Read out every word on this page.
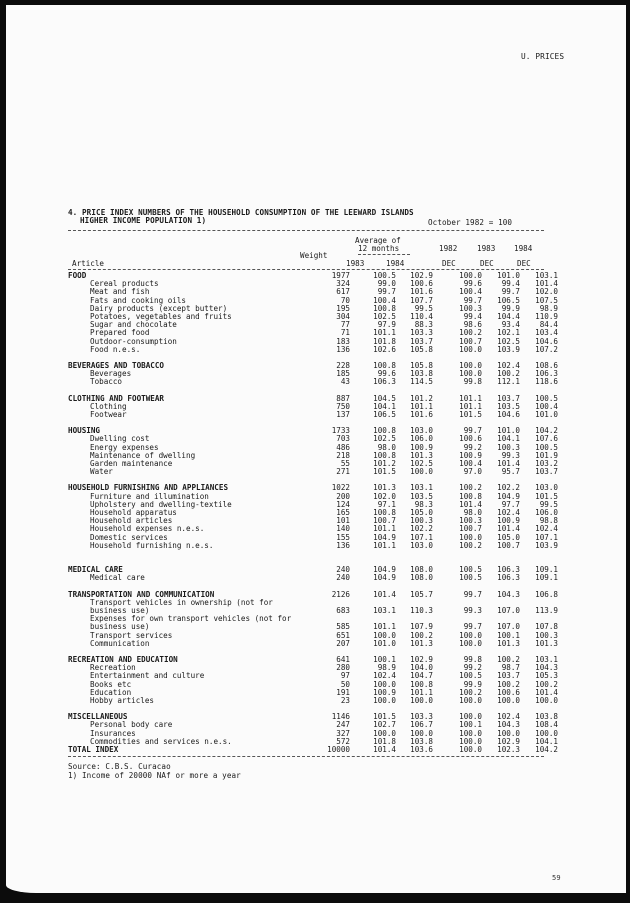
U. PRICES
4. PRICE INDEX NUMBERS OF THE HOUSEHOLD CONSUMPTION OF THE LEEWARD ISLANDS
HIGHER INCOME POPULATION 1)	October 1982 = 100
Average of
12 months
Weight
1982	1983 1984
Article	1983	1984	DEC	DEC	DEC
FOOD	1977	100.5	102.9	100.0	101.0	103.1
Cereal products	324	99.0	100.6	99.6	99.4	101.4
Meat and fish	617	99.7	101.6	100.4	99.7	102.0
Fats and cooking oils	70	100.4	107.7	99.7	106.5	107.5
Dairy products (except butter)	195	100.8	99.5	100.3	99.9	98.9
Potatoes, vegetables and fruits	304	102.5	110.4	99.4	104.4	110.9
Sugar and chocolate	77	97.9	88.3	98.6	93.4	84.4
Prepared food	71	101.1	103.3	100.2	102.1	103.4
Outdoor-consumption	183	101.8	103.7	100.7	102.5	104.6
Food n.e.s.	136	102.6	105.8	100.0	103.9	107.2

BEVERAGES AND TOBACCO	228	100.8	105.8	100.0	102.4	108.6
Beverages	185	99.6	103.8	100.0	100.2	106.3
Tobacco	43	106.3	114.5	99.8	112.1	118.6

CLOTHING AND FOOTWEAR	887	104.5	101.2	101.1	103.7	100.5
Clothing	750	104.1	101.1	101.1	103.5	100.4
Footwear	137	106.5	101.6	101.5	104.6	101.0

HOUSING	1733	100.8	103.0	99.7	101.0	104.2
Dwelling cost	703	102.5	106.0	100.6	104.1	107.6
Energy expenses	486	98.0	100.9	99.2	100.3	100.5
Maintenance of dwelling	218	100.8	101.3	100.9	99.3	101.9
Garden maintenance	55	101.2	102.5	100.4	101.4	103.2
Water	271	101.5	100.0	97.0	95.7	103.7

HOUSEHOLD FURNISHING AND APPLIANCES	1022	101.3	103.1	100.2	102.2	103.0
Furniture and illumination	200	102.0	103.5	100.8	104.9	101.5
Upholstery and dwelling-textile	124	97.1	98.3	101.4	97.7	99.5
Household apparatus	165	100.8	105.0	98.0	102.4	106.0
Household articles	101	100.7	100.3	100.3	100.9	98.8
Household expenses n.e.s.	140	101.1	102.2	100.7	101.4	102.4
Domestic services	155	104.9	107.1	100.0	105.0	107.1
Household furnishing n.e.s.	136	101.1	103.0	100.2	100.7	103.9

MEDICAL CARE	240	104.9	108.0	100.5	106.3	109.1
Medical care	240	104.9	108.0	100.5	106.3	109.1

TRANSPORTATION AND COMMUNICATION	2126	101.4	105.7	99.7	104.3	106.8
Transport vehicles in ownership (not for						
business use)	683	103.1	110.3	99.3	107.0	113.9
Expenses for own transport vehicles (not for						
business use)	585	101.1	107.9	99.7	107.0	107.8
Transport services	651	100.0	100.2	100.0	100.1	100.3
Communication	207	101.0	101.3	100.0	101.3	101.3

RECREATION AND EDUCATION	641	100.1	102.9	99.8	100.2	103.1
Recreation	280	98.9	104.0	99.2	98.7	104.3
Entertainment and culture	97	102.4	104.7	100.5	103.7	105.3
Books etc	50	100.0	100.8	99.9	100.2	100.2
Education	191	100.9	101.1	100.2	100.6	101.4
Hobby articles	23	100.0	100.0	100.0	100.0	100.0

MISCELLANEOUS	1146	101.5	103.3	100.0	102.4	103.8
Personal body care	247	102.7	106.7	100.1	104.3	108.4
Insurances	327	100.0	100.0	100.0	100.0	100.0
Commodities and services n.e.s.	572	101.8	103.8	100.0	102.9	104.1
TOTAL INDEX	10000	101.4	103.6	100.0	102.3	104.2
Source: C.B.S. Curacao
1) Income of 20000 NAf or more a year
59
